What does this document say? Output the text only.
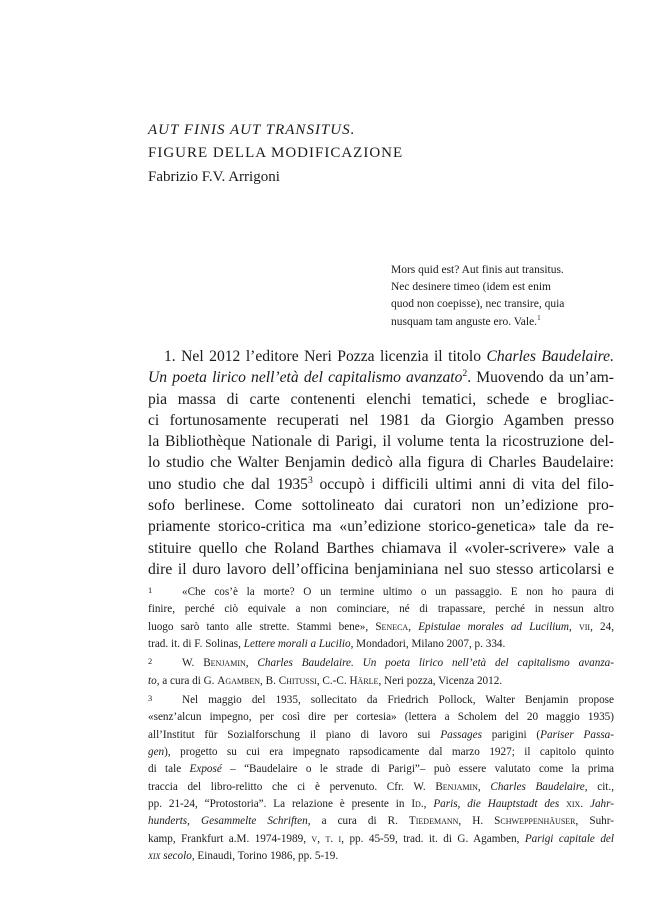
AUT FINIS AUT TRANSITUS.
FIGURE DELLA MODIFICAZIONE
Fabrizio F.V. Arrigoni
Mors quid est? Aut finis aut transitus.
Nec desinere timeo (idem est enim
quod non coepisse), nec transire, quia
nusquam tam anguste ero. Vale.$^1$
1. Nel 2012 l’editore Neri Pozza licenzia il titolo Charles Baudelaire.
Un poeta lirico nell’età del capitalismo avanzato$^2$. Muovendo da un’am-
pia massa di carte contenenti elenchi tematici, schede e brogliac-
ci fortunosamente recuperati nel 1981 da Giorgio Agamben presso
la Bibliothèque Nationale di Parigi, il volume tenta la ricostruzione del-
lo studio che Walter Benjamin dedicò alla figura di Charles Baudelaire:
uno studio che dal 1935$^3$ occupò i difficili ultimi anni di vita del filo-
sofo berlinese. Come sottolineato dai curatori non un’edizione pro-
priamente storico-critica ma «un’edizione storico-genetica» tale da re-
stituire quello che Roland Barthes chiamava il «voler-scrivere» vale a
dire il duro lavoro dell’officina benjaminiana nel suo stesso articolarsi e
1	«Che cos’è la morte? O un termine ultimo o un passaggio. E non ho paura di
finire, perché ciò equivale a non cominciare, né di trapassare, perché in nessun altro
luogo sarò tanto alle strette. Stammi bene», Seneca, Epistulae morales ad Lucilium, vii, 24,
trad. it. di F. Solinas, Lettere morali a Lucilio, Mondadori, Milano 2007, p. 334.
2	W. Benjamin, Charles Baudelaire. Un poeta lirico nell’età del capitalismo avanza-
to, a cura di G. Agamben, B. Chitussi, C.-C. Härle, Neri pozza, Vicenza 2012.
3	Nel maggio del 1935, sollecitato da Friedrich Pollock, Walter Benjamin propose
«senz’alcun impegno, per così dire per cortesia» (lettera a Scholem del 20 maggio 1935)
all’Institut für Sozialforschung il piano di lavoro sui Passages parigini (Pariser Passa-
gen), progetto su cui era impegnato rapsodicamente dal marzo 1927; il capitolo quinto
di tale Exposé – “Baudelaire o le strade di Parigi”– può essere valutato come la prima
traccia del libro-relitto che ci è pervenuto. Cfr. W. Benjamin, Charles Baudelaire, cit.,
pp. 21-24, “Protostoria”. La relazione è presente in Id., Paris, die Hauptstadt des xix. Jahr-
hunderts, Gesammelte Schriften, a cura di R. Tiedemann, H. Schweppenhäuser, Suhr-
kamp, Frankfurt a.M. 1974-1989, v, t. i, pp. 45-59, trad. it. di G. Agamben, Parigi capitale del
xix secolo, Einaudi, Torino 1986, pp. 5-19.
